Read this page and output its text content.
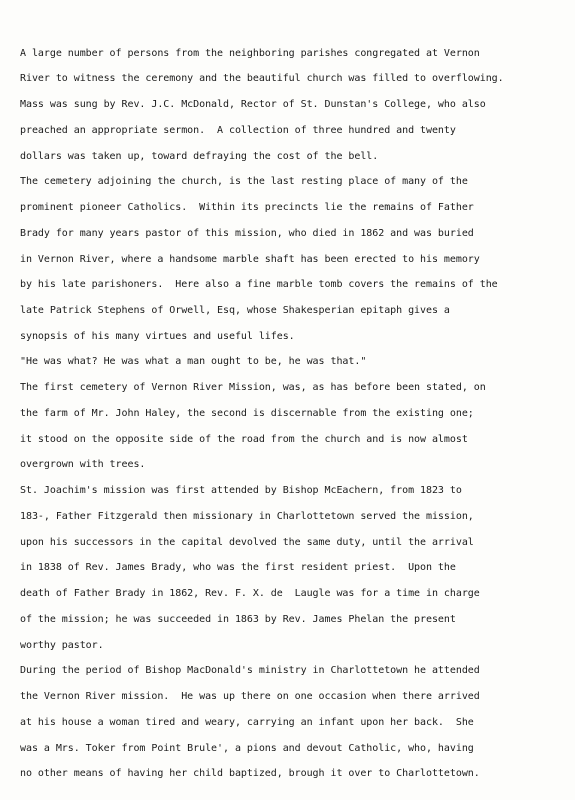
A large number of persons from the neighboring parishes congregated at Vernon

River to witness the ceremony and the beautiful church was filled to overflowing.

Mass was sung by Rev. J.C. McDonald, Rector of St. Dunstan's College, who also

preached an appropriate sermon.  A collection of three hundred and twenty

dollars was taken up, toward defraying the cost of the bell.

The cemetery adjoining the church, is the last resting place of many of the

prominent pioneer Catholics.  Within its precincts lie the remains of Father

Brady for many years pastor of this mission, who died in 1862 and was buried

in Vernon River, where a handsome marble shaft has been erected to his memory

by his late parishoners.  Here also a fine marble tomb covers the remains of the

late Patrick Stephens of Orwell, Esq, whose Shakesperian epitaph gives a

synopsis of his many virtues and useful lifes.

"He was what? He was what a man ought to be, he was that."

The first cemetery of Vernon River Mission, was, as has before been stated, on

the farm of Mr. John Haley, the second is discernable from the existing one;

it stood on the opposite side of the road from the church and is now almost

overgrown with trees.

St. Joachim's mission was first attended by Bishop McEachern, from 1823 to

183-, Father Fitzgerald then missionary in Charlottetown served the mission,

upon his successors in the capital devolved the same duty, until the arrival

in 1838 of Rev. James Brady, who was the first resident priest.  Upon the

death of Father Brady in 1862, Rev. F. X. de  Laugle was for a time in charge

of the mission; he was succeeded in 1863 by Rev. James Phelan the present

worthy pastor.

During the period of Bishop MacDonald's ministry in Charlottetown he attended

the Vernon River mission.  He was up there on one occasion when there arrived

at his house a woman tired and weary, carrying an infant upon her back.  She

was a Mrs. Toker from Point Brule', a pions and devout Catholic, who, having

no other means of having her child baptized, brough it over to Charlottetown.
